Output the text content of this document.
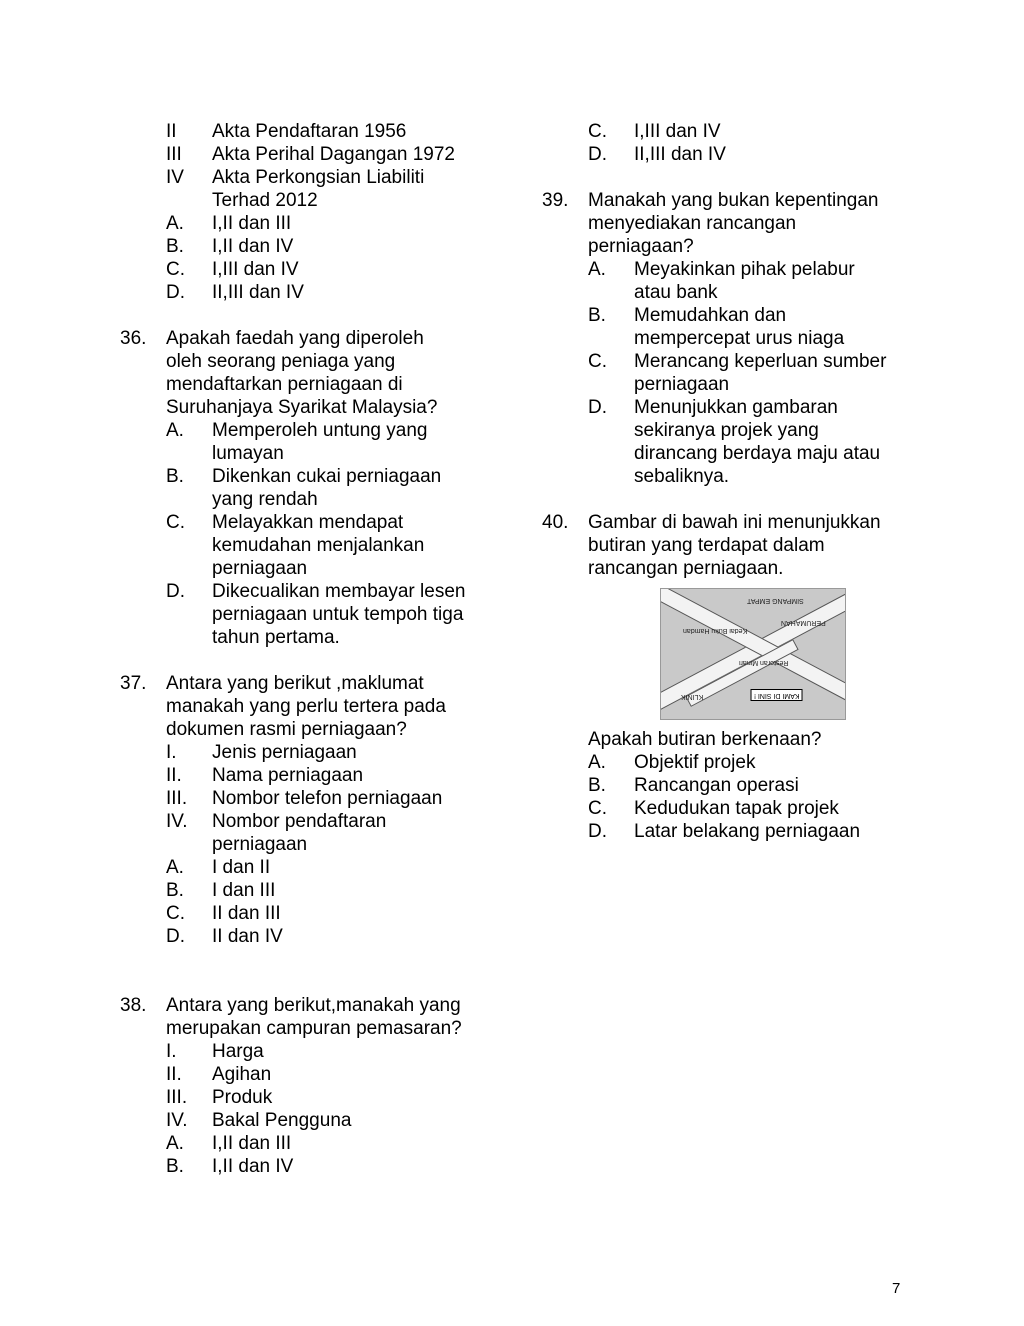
II Akta Pendaftaran 1956
III Akta Perihal Dagangan 1972
IV Akta Perkongsian Liabiliti
Terhad 2012
A. I,II dan III
B. I,II dan IV
C. I,III dan IV
D. II,III dan IV
36. Apakah faedah yang diperoleh
oleh seorang peniaga yang
mendaftarkan perniagaan di
Suruhanjaya Syarikat Malaysia?
A. Memperoleh untung yang
lumayan
B. Dikenkan cukai perniagaan
yang rendah
C. Melayakkan mendapat
kemudahan menjalankan
perniagaan
D. Dikecualikan membayar lesen
perniagaan untuk tempoh tiga
tahun pertama.
37. Antara yang berikut ,maklumat
manakah yang perlu tertera pada
dokumen rasmi perniagaan?
I. Jenis perniagaan
II. Nama perniagaan
III. Nombor telefon perniagaan
IV. Nombor pendaftaran
perniagaan
A. I dan II
B. I dan III
C. II dan III
D. II dan IV
38. Antara yang berikut,manakah yang
merupakan campuran pemasaran?
I. Harga
II. Agihan
III. Produk
IV. Bakal Pengguna
A. I,II dan III
B. I,II dan IV
C. I,III dan IV
D. II,III dan IV
39. Manakah yang bukan kepentingan
menyediakan rancangan
perniagaan?
A. Meyakinkan pihak pelabur
atau bank
B. Memudahkan dan
mempercepat urus niaga
C. Merancang keperluan sumber
perniagaan
D. Menunjukkan gambaran
sekiranya projek yang
dirancang berdaya maju atau
sebaliknya.
40. Gambar di bawah ini menunjukkan
butiran yang terdapat dalam
rancangan perniagaan.
SIMPANG EMPAT
Kedai Buku Hamdan
Restoran Minari
KAMI DI SINI !
KLINIK
PERUMAHAN
Apakah butiran berkenaan?
A. Objektif projek
B. Rancangan operasi
C. Kedudukan tapak projek
D. Latar belakang perniagaan
7
